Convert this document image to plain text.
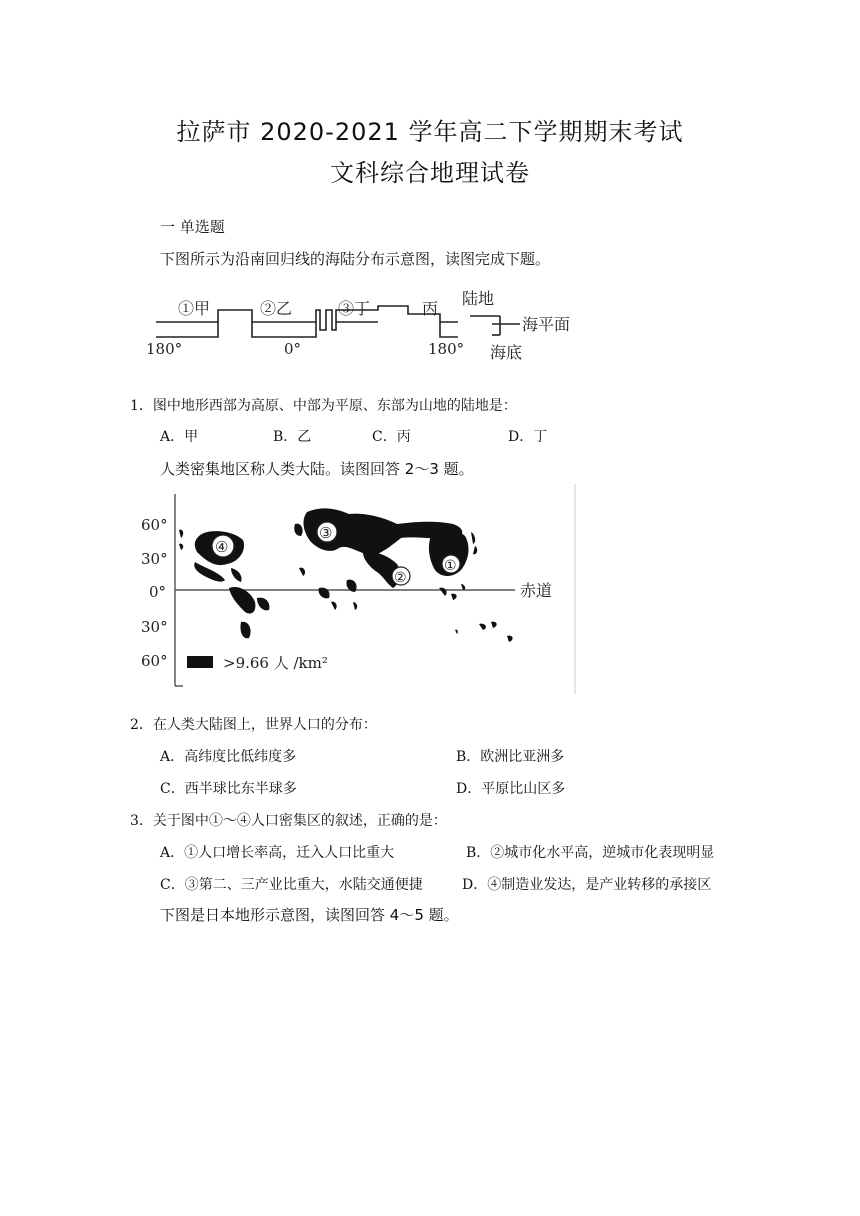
拉萨市 2020-2021 学年高二下学期期末考试
文科综合地理试卷
一 单选题
下图所示为沿南回归线的海陆分布示意图，读图完成下题。
①甲	②乙	③丁	丙
陆地
海平面
海底
180°	0°	180°
1．图中地形西部为高原、中部为平原、东部为山地的陆地是：
A．甲	B．乙	C．丙	D．丁
人类密集地区称人类大陆。读图回答 2～3 题。
60°
30°
0°
30°
60°
赤道
④
③
②
①
>9.66 人 /km²
2．在人类大陆图上，世界人口的分布：
A．高纬度比低纬度多	B．欧洲比亚洲多
C．西半球比东半球多	D．平原比山区多
3．关于图中①～④人口密集区的叙述，正确的是：
A．①人口增长率高，迁入人口比重大	B．②城市化水平高，逆城市化表现明显
C．③第二、三产业比重大，水陆交通便捷	D．④制造业发达，是产业转移的承接区
下图是日本地形示意图，读图回答 4～5 题。
